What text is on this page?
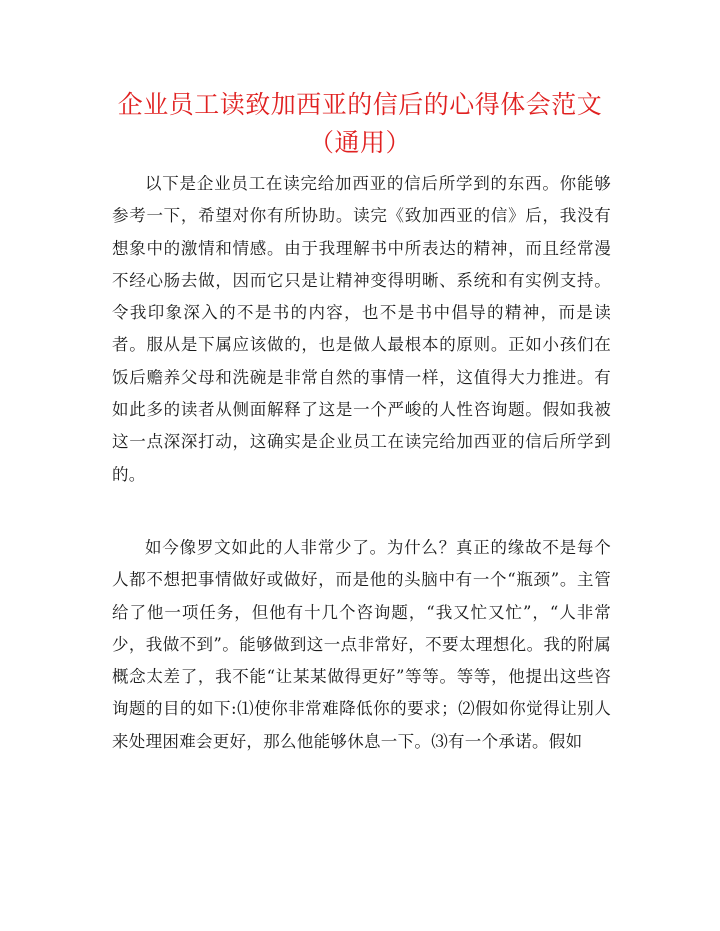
企业员工读致加西亚的信后的心得体会范文（通用）

以下是企业员工在读完给加西亚的信后所学到的东西。你能够参考一下，希望对你有所协助。读完《致加西亚的信》后，我没有想象中的激情和情感。由于我理解书中所表达的精神，而且经常漫不经心肠去做，因而它只是让精神变得明晰、系统和有实例支持。令我印象深入的不是书的内容，也不是书中倡导的精神，而是读者。服从是下属应该做的，也是做人最根本的原则。正如小孩们在饭后赡养父母和洗碗是非常自然的事情一样，这值得大力推进。有如此多的读者从侧面解释了这是一个严峻的人性咨询题。假如我被这一点深深打动，这确实是企业员工在读完给加西亚的信后所学到的。

如今像罗文如此的人非常少了。为什么？真正的缘故不是每个人都不想把事情做好或做好，而是他的头脑中有一个“瓶颈”。主管给了他一项任务，但他有十几个咨询题，“我又忙又忙”，“人非常少，我做不到”。能够做到这一点非常好，不要太理想化。我的附属概念太差了，我不能“让某某做得更好”等等。等等，他提出这些咨询题的目的如下:⑴使你非常难降低你的要求；⑵假如你觉得让别人来处理困难会更好，那么他能够休息一下。⑶有一个承诺。假如
